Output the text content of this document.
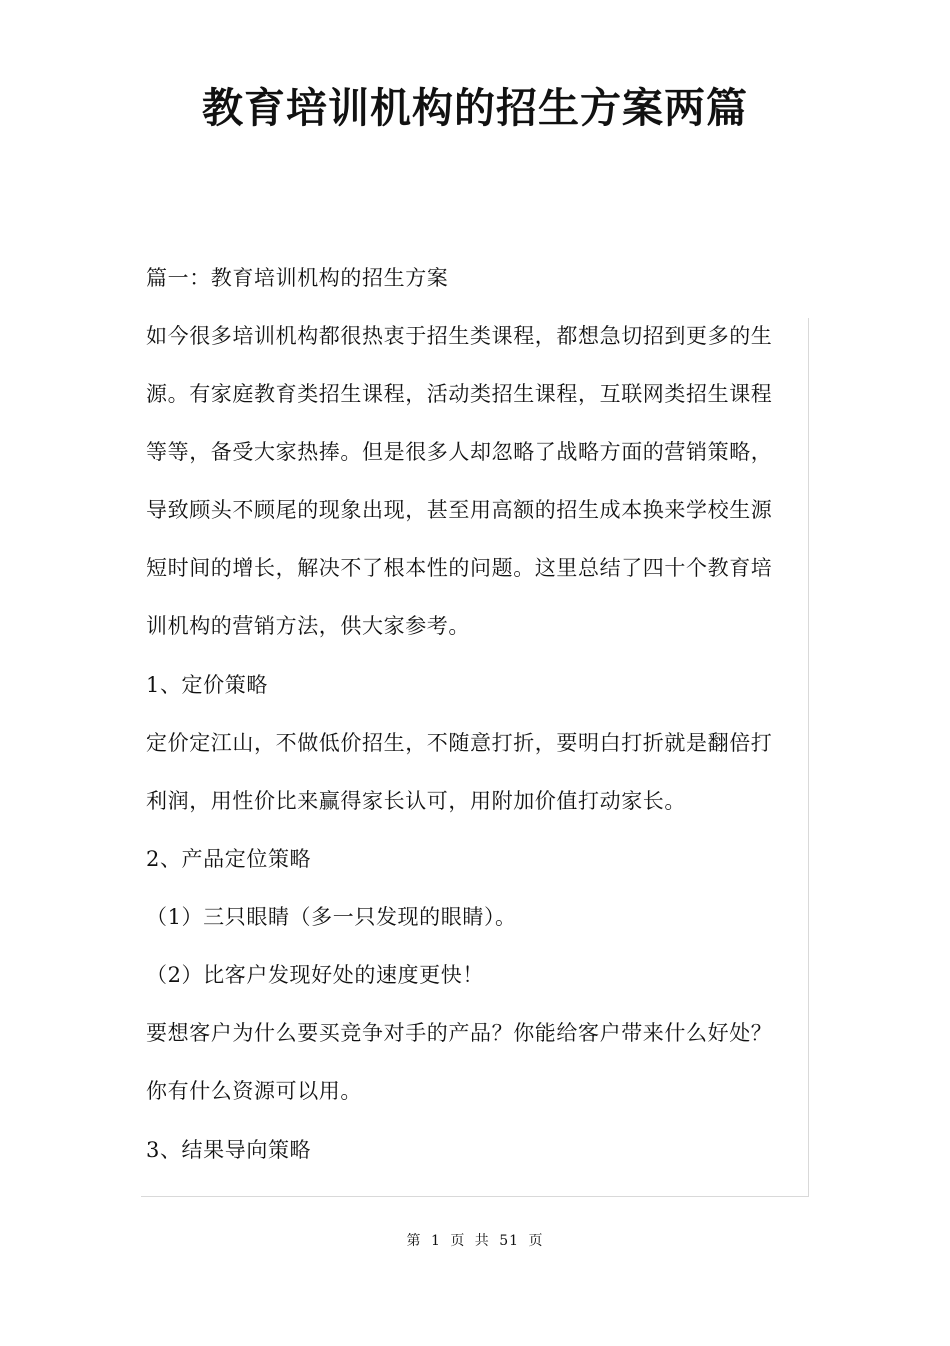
教育培训机构的招生方案两篇
篇一：教育培训机构的招生方案
如今很多培训机构都很热衷于招生类课程，都想急切招到更多的生
源。有家庭教育类招生课程，活动类招生课程，互联网类招生课程
等等，备受大家热捧。但是很多人却忽略了战略方面的营销策略，
导致顾头不顾尾的现象出现，甚至用高额的招生成本换来学校生源
短时间的增长，解决不了根本性的问题。这里总结了四十个教育培
训机构的营销方法，供大家参考。
1、定价策略
定价定江山，不做低价招生，不随意打折，要明白打折就是翻倍打
利润，用性价比来赢得家长认可，用附加价值打动家长。
2、产品定位策略
（1）三只眼睛（多一只发现的眼睛）。
（2）比客户发现好处的速度更快！
要想客户为什么要买竞争对手的产品？你能给客户带来什么好处？
你有什么资源可以用。
3、结果导向策略
第 1 页 共 51 页
